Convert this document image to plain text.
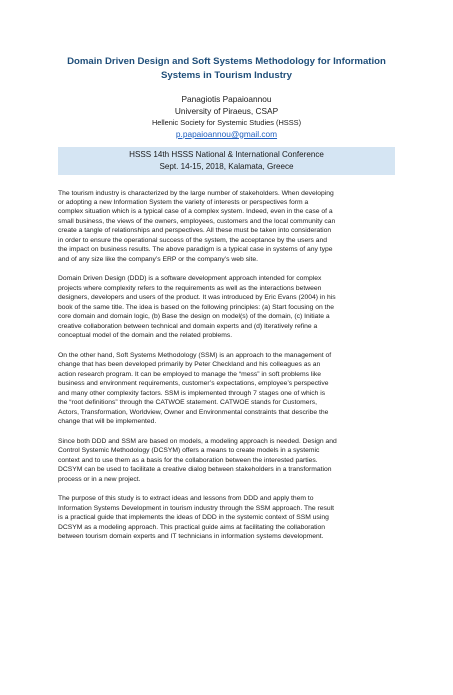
Domain Driven Design and Soft Systems Methodology for Information
Systems in Tourism Industry
Panagiotis Papaioannou
University of Piraeus, CSAP
Hellenic Society for Systemic Studies (HSSS)
p.papaioannou@gmail.com
HSSS 14th HSSS National & International Conference
Sept. 14-15, 2018, Kalamata, Greece

The tourism industry is characterized by the large number of stakeholders. When developing
or adopting a new Information System the variety of interests or perspectives form a
complex situation which is a typical case of a complex system. Indeed, even in the case of a
small business, the views of the owners, employees, customers and the local community can
create a tangle of relationships and perspectives. All these must be taken into consideration
in order to ensure the operational success of the system, the acceptance by the users and
the impact on business results. The above paradigm is a typical case in systems of any type
and of any size like the company’s ERP or the company’s web site.

Domain Driven Design (DDD) is a software development approach intended for complex
projects where complexity refers to the requirements as well as the interactions between
designers, developers and users of the product. It was introduced by Eric Evans (2004) in his
book of the same title. The idea is based on the following principles: (a) Start focusing on the
core domain and domain logic, (b) Base the design on model(s) of the domain, (c) Initiate a
creative collaboration between technical and domain experts and (d) Iteratively refine a
conceptual model of the domain and the related problems.

On the other hand, Soft Systems Methodology (SSM) is an approach to the management of
change that has been developed primarily by Peter Checkland and his colleagues as an
action research program. It can be employed to manage the “mess” in soft problems like
business and environment requirements, customer’s expectations, employee’s perspective
and many other complexity factors. SSM is implemented through 7 stages one of which is
the “root definitions” through the CATWOE statement. CATWOE stands for Customers,
Actors, Transformation, Worldview, Owner and Environmental constraints that describe the
change that will be implemented.

Since both DDD and SSM are based on models, a modeling approach is needed. Design and
Control Systemic Methodology (DCSYM) offers a means to create models in a systemic
context and to use them as a basis for the collaboration between the interested parties.
DCSYM can be used to facilitate a creative dialog between stakeholders in a transformation
process or in a new project.

The purpose of this study is to extract ideas and lessons from DDD and apply them to
Information Systems Development in tourism industry through the SSM approach. The result
is a practical guide that implements the ideas of DDD in the systemic context of SSM using
DCSYM as a modeling approach. This practical guide aims at facilitating the collaboration
between tourism domain experts and IT technicians in information systems development.
